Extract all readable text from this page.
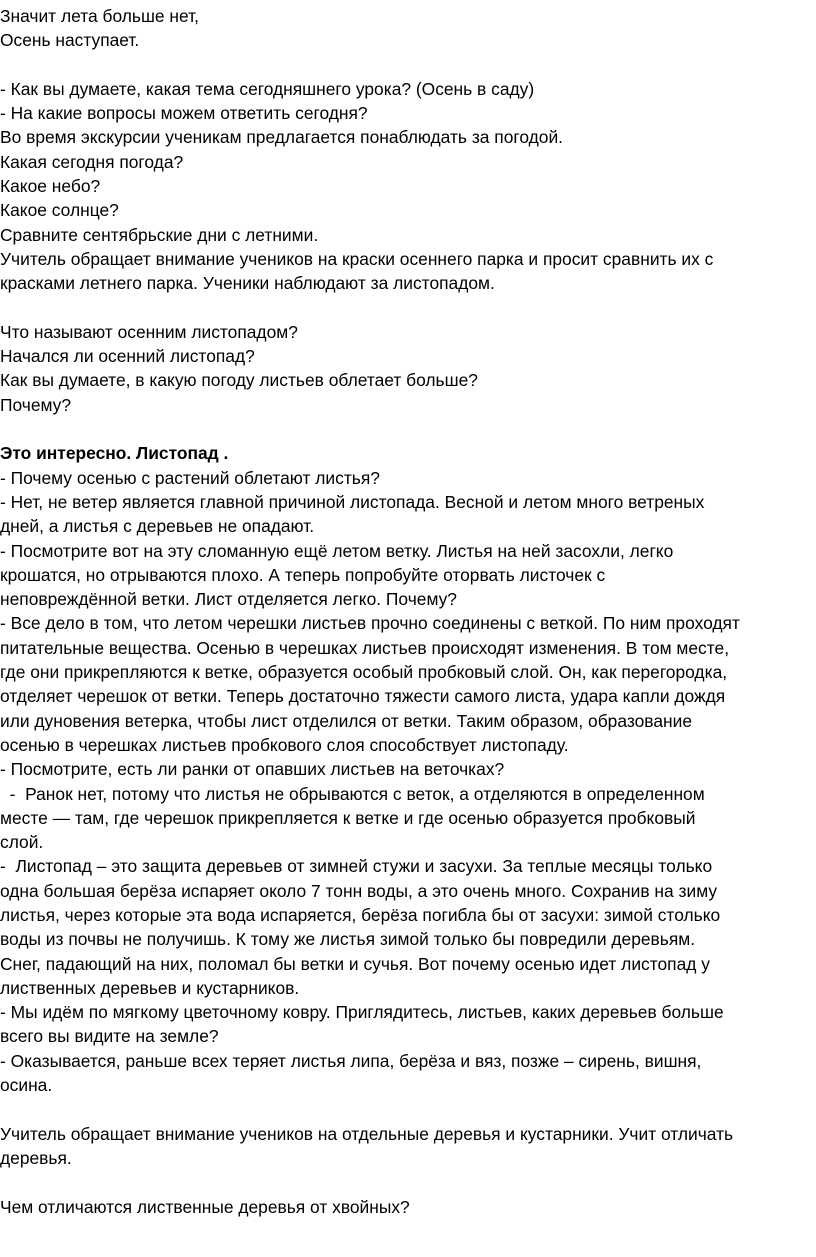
Значит лета больше нет,
Осень наступает.
- Как вы думаете, какая тема сегодняшнего урока? (Осень в саду)
- На какие вопросы можем ответить сегодня?
Во время экскурсии ученикам предлагается понаблюдать за погодой.
Какая сегодня погода?
Какое небо?
Какое солнце?
Сравните сентябрьские дни с летними.
Учитель обращает внимание учеников на краски осеннего парка и просит сравнить их с
красками летнего парка. Ученики наблюдают за листопадом.
Что называют осенним листопадом?
Начался ли осенний листопад?
Как вы думаете, в какую погоду листьев облетает больше?
Почему?
Это интересно. Листопад .
- Почему осенью с растений облетают листья?
- Нет, не ветер является главной причиной листопада. Весной и летом много ветреных
дней, а листья с деревьев не опадают.
- Посмотрите вот на эту сломанную ещё летом ветку. Листья на ней засохли, легко
крошатся, но отрываются плохо. А теперь попробуйте оторвать листочек с
неповреждённой ветки. Лист отделяется легко. Почему?
- Все дело в том, что летом черешки листьев прочно соединены с веткой. По ним проходят
питательные вещества. Осенью в черешках листьев происходят изменения. В том месте,
где они прикрепляются к ветке, образуется особый пробковый слой. Он, как перегородка,
отделяет черешок от ветки. Теперь достаточно тяжести самого листа, удара капли дождя
или дуновения ветерка, чтобы лист отделился от ветки. Таким образом, образование
осенью в черешках листьев пробкового слоя способствует листопаду.
- Посмотрите, есть ли ранки от опавших листьев на веточках?
-  Ранок нет, потому что листья не обрываются с веток, а отделяются в определенном
месте — там, где черешок прикрепляется к ветке и где осенью образуется пробковый
слой.
-  Листопад – это защита деревьев от зимней стужи и засухи. За теплые месяцы только
одна большая берёза испаряет около 7 тонн воды, а это очень много. Сохранив на зиму
листья, через которые эта вода испаряется, берёза погибла бы от засухи: зимой столько
воды из почвы не получишь. К тому же листья зимой только бы повредили деревьям.
Снег, падающий на них, поломал бы ветки и сучья. Вот почему осенью идет листопад у
лиственных деревьев и кустарников.
- Мы идём по мягкому цветочному ковру. Приглядитесь, листьев, каких деревьев больше
всего вы видите на земле?
- Оказывается, раньше всех теряет листья липа, берёза и вяз, позже – сирень, вишня,
осина.
Учитель обращает внимание учеников на отдельные деревья и кустарники. Учит отличать
деревья.
Чем отличаются лиственные деревья от хвойных?
